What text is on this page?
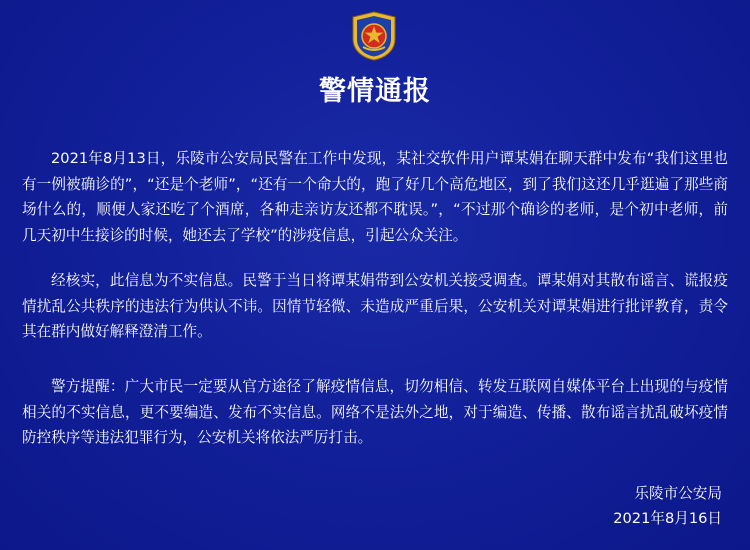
警情通报
2021年8月13日，乐陵市公安局民警在工作中发现，某社交软件用户谭某娟在聊天群中发布“我们这里也有一例被确诊的”，“还是个老师”，“还有一个命大的，跑了好几个高危地区，到了我们这还几乎逛遍了那些商场什么的，顺便人家还吃了个酒席，各种走亲访友还都不耽误。”，“不过那个确诊的老师，是个初中老师，前几天初中生接诊的时候，她还去了学校”的涉疫信息，引起公众关注。
经核实，此信息为不实信息。民警于当日将谭某娟带到公安机关接受调查。谭某娟对其散布谣言、谎报疫情扰乱公共秩序的违法行为供认不讳。因情节轻微、未造成严重后果，公安机关对谭某娟进行批评教育，责令其在群内做好解释澄清工作。
警方提醒：广大市民一定要从官方途径了解疫情信息，切勿相信、转发互联网自媒体平台上出现的与疫情相关的不实信息，更不要编造、发布不实信息。网络不是法外之地，对于编造、传播、散布谣言扰乱破坏疫情防控秩序等违法犯罪行为，公安机关将依法严厉打击。
乐陵市公安局
2021年8月16日
